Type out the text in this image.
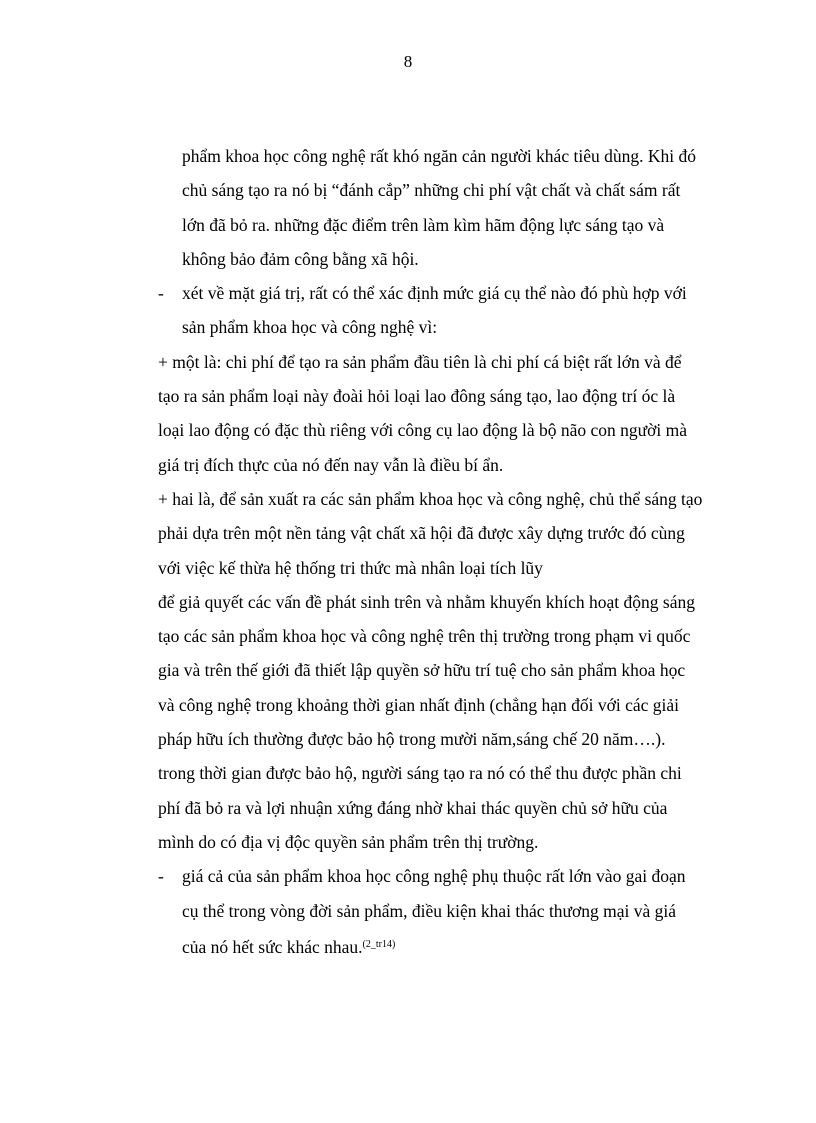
8
phẩm khoa học công nghệ rất khó ngăn cản người khác tiêu dùng. Khi đó
chủ sáng tạo ra nó bị “đánh cắp” những chi phí vật chất và chất sám rất
lớn đã bỏ ra. những đặc điểm trên làm kìm hãm động lực sáng tạo và
không bảo đảm công bằng xã hội.
- xét về mặt giá trị, rất có thể xác định mức giá cụ thể nào đó phù hợp với
sản phẩm khoa học và công nghệ vì:
+ một là: chi phí để tạo ra sản phẩm đầu tiên là chi phí cá biệt rất lớn và để
tạo ra sản phẩm loại này đoài hỏi loại lao đông sáng tạo, lao động trí óc là
loại lao động có đặc thù riêng với công cụ lao động là bộ não con người mà
giá trị đích thực của nó đến nay vẫn là điều bí ẩn.
+ hai là, để sản xuất ra các sản phẩm khoa học và công nghệ, chủ thể sáng tạo
phải dựa trên một nền tảng vật chất xã hội đã được xây dựng trước đó cùng
với việc kế thừa hệ thống tri thức mà nhân loại tích lũy
để giả quyết các vấn đề phát sinh trên và nhằm khuyến khích hoạt động sáng
tạo các sản phẩm khoa học và công nghệ trên thị trường trong phạm vi quốc
gia và trên thế giới đã thiết lập quyền sở hữu trí tuệ cho sản phẩm khoa học
và công nghệ trong khoảng thời gian nhất định (chẳng hạn đối với các giải
pháp hữu ích thường được bảo hộ trong mười năm,sáng chế 20 năm….).
trong thời gian được bảo hộ, người sáng tạo ra nó có thể thu được phần chi
phí đã bỏ ra và lợi nhuận xứng đáng nhờ khai thác quyền chủ sở hữu của
mình do có địa vị độc quyền sản phẩm trên thị trường.
- giá cả của sản phẩm khoa học công nghệ phụ thuộc rất lớn vào gai đoạn
cụ thể trong vòng đời sản phẩm, điều kiện khai thác thương mại và giá
của nó hết sức khác nhau.$^{(2\_tr14)}$
